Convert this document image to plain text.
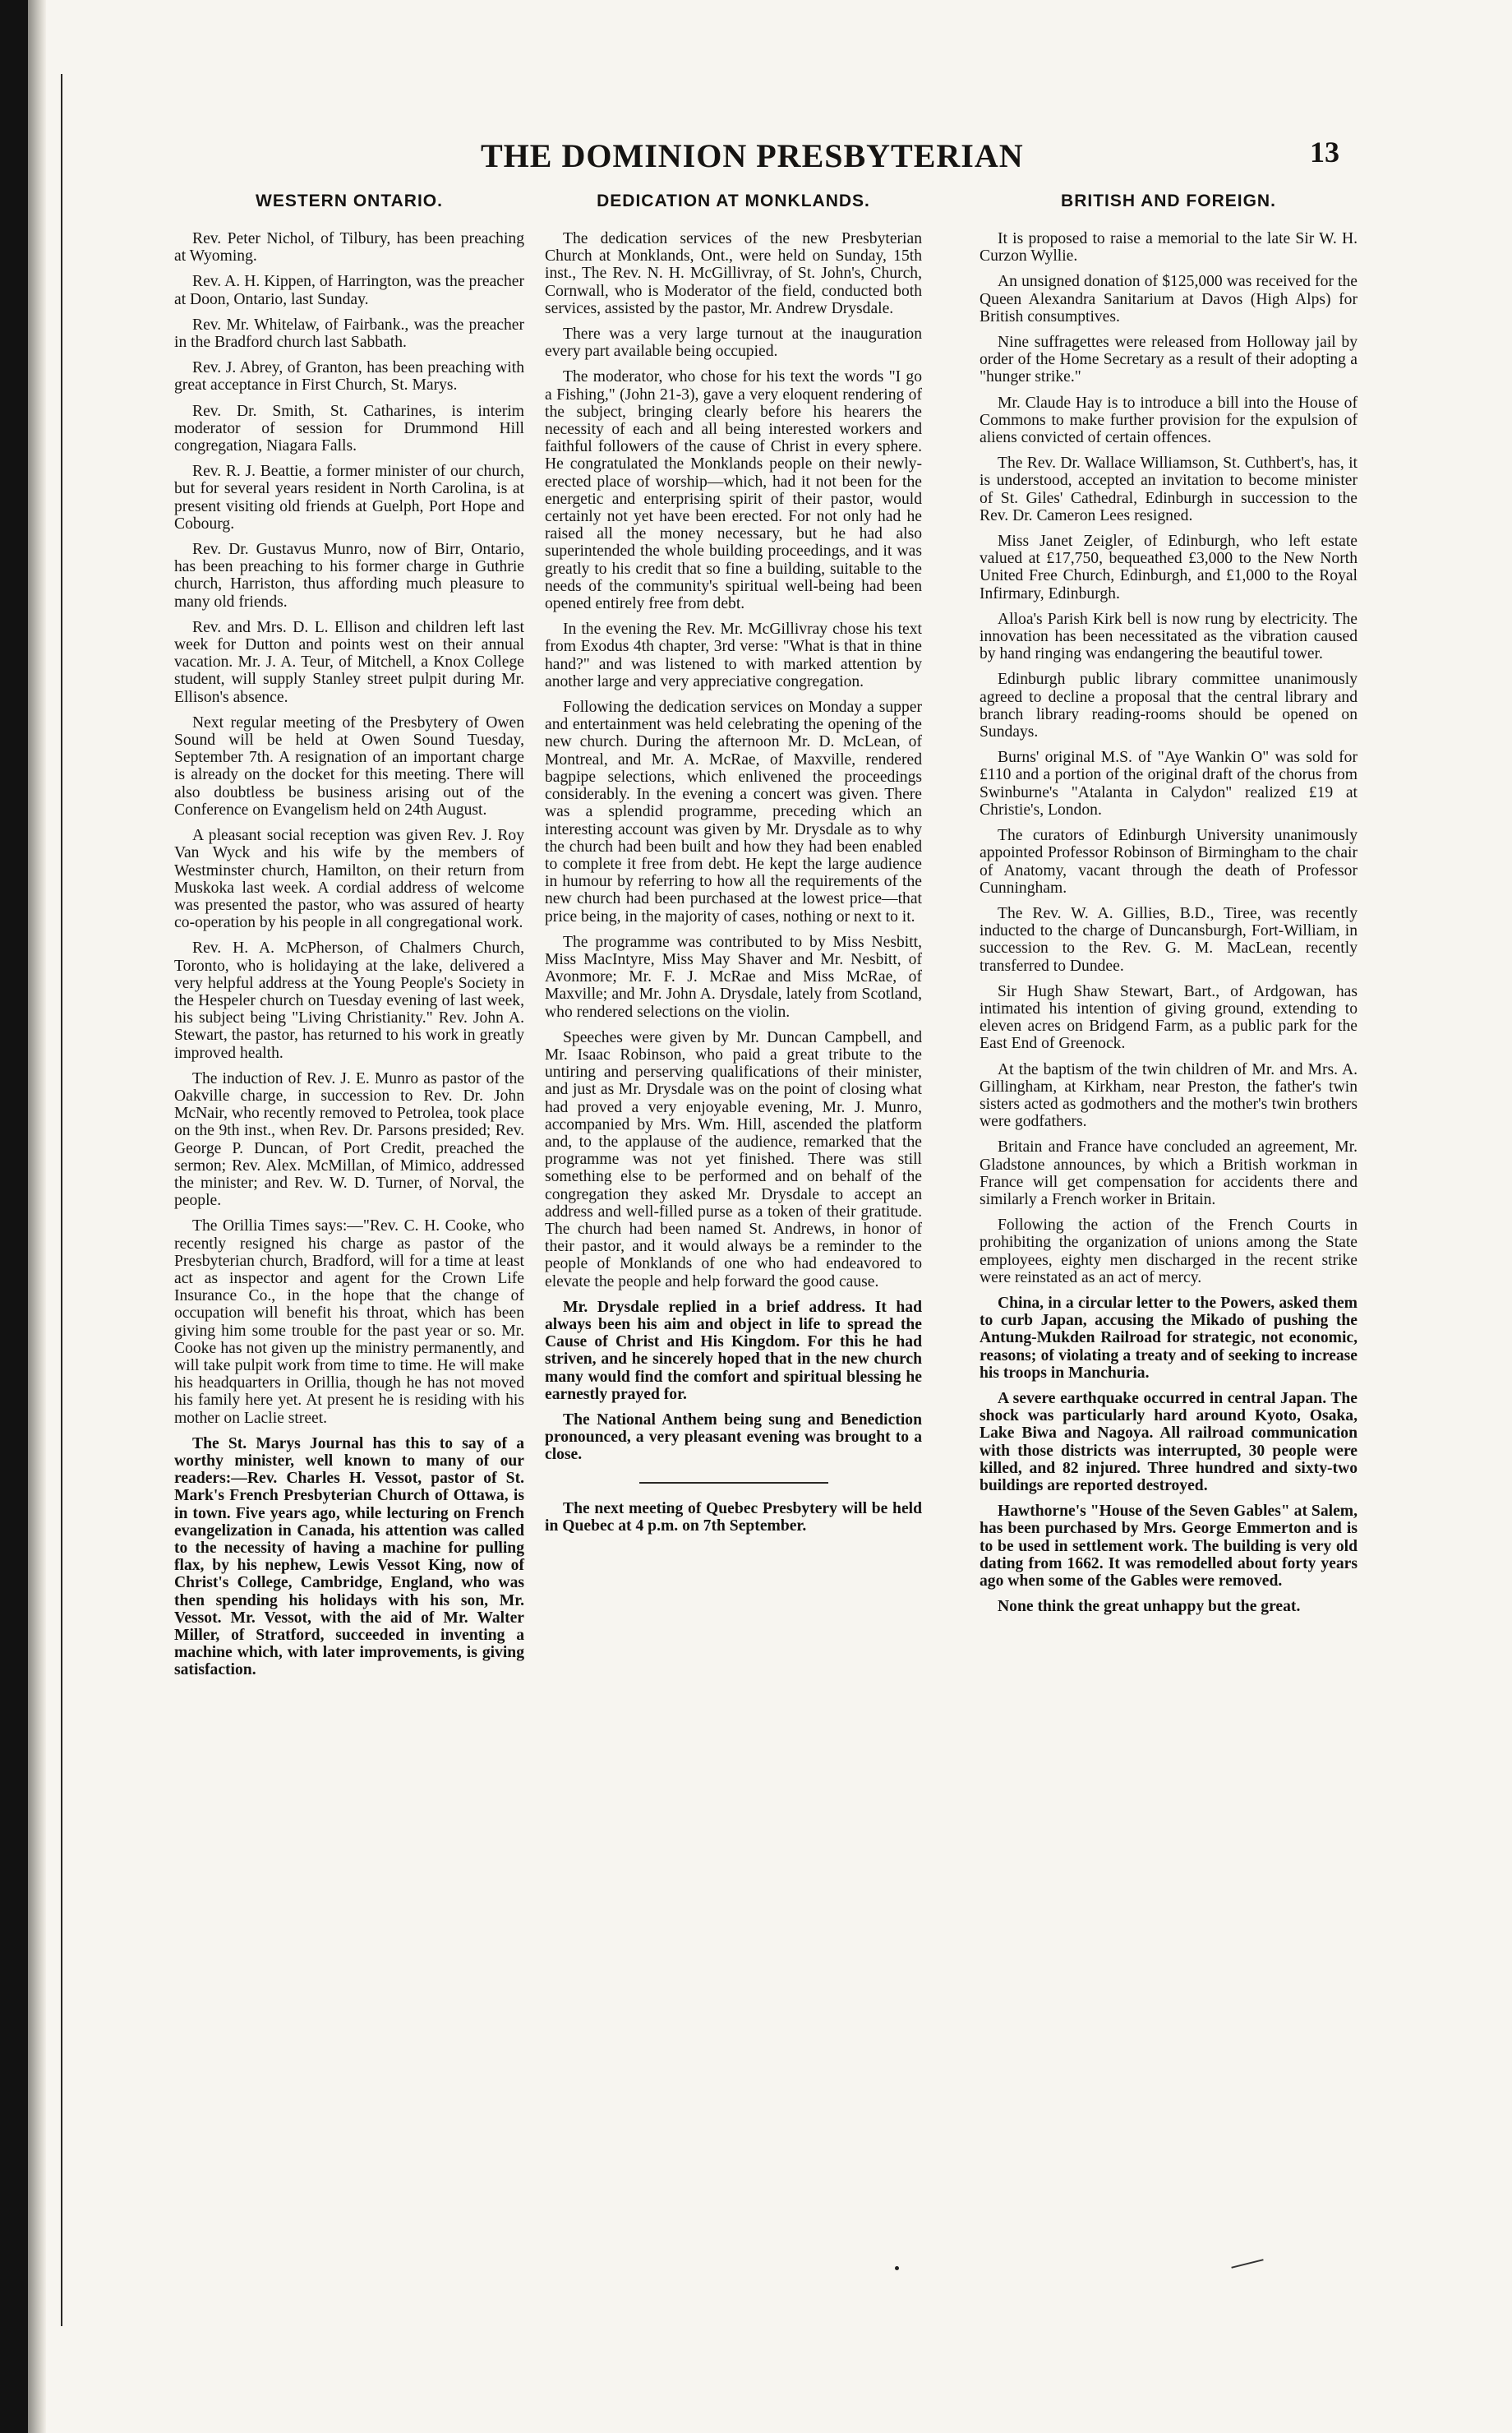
THE DOMINION PRESBYTERIAN	13
WESTERN ONTARIO.

Rev. Peter Nichol, of Tilbury, has been preaching at Wyoming.

Rev. A. H. Kippen, of Harrington, was the preacher at Doon, Ontario, last Sunday.

Rev. Mr. Whitelaw, of Fairbank., was the preacher in the Bradford church last Sabbath.

Rev. J. Abrey, of Granton, has been preaching with great acceptance in First Church, St. Marys.

Rev. Dr. Smith, St. Catharines, is interim moderator of session for Drummond Hill congregation, Niagara Falls.

Rev. R. J. Beattie, a former minister of our church, but for several years resident in North Carolina, is at present visiting old friends at Guelph, Port Hope and Cobourg.

Rev. Dr. Gustavus Munro, now of Birr, Ontario, has been preaching to his former charge in Guthrie church, Harriston, thus affording much pleasure to many old friends.

Rev. and Mrs. D. L. Ellison and children left last week for Dutton and points west on their annual vacation. Mr. J. A. Teur, of Mitchell, a Knox College student, will supply Stanley street pulpit during Mr. Ellison's absence.

Next regular meeting of the Presbytery of Owen Sound will be held at Owen Sound Tuesday, September 7th. A resignation of an important charge is already on the docket for this meeting. There will also doubtless be business arising out of the Conference on Evangelism held on 24th August.

A pleasant social reception was given Rev. J. Roy Van Wyck and his wife by the members of Westminster church, Hamilton, on their return from Muskoka last week. A cordial address of welcome was presented the pastor, who was assured of hearty co-operation by his people in all congregational work.

Rev. H. A. McPherson, of Chalmers Church, Toronto, who is holidaying at the lake, delivered a very helpful address at the Young People's Society in the Hespeler church on Tuesday evening of last week, his subject being "Living Christianity." Rev. John A. Stewart, the pastor, has returned to his work in greatly improved health.

The induction of Rev. J. E. Munro as pastor of the Oakville charge, in succession to Rev. Dr. John McNair, who recently removed to Petrolea, took place on the 9th inst., when Rev. Dr. Parsons presided; Rev. George P. Duncan, of Port Credit, preached the sermon; Rev. Alex. McMillan, of Mimico, addressed the minister; and Rev. W. D. Turner, of Norval, the people.

The Orillia Times says:—"Rev. C. H. Cooke, who recently resigned his charge as pastor of the Presbyterian church, Bradford, will for a time at least act as inspector and agent for the Crown Life Insurance Co., in the hope that the change of occupation will benefit his throat, which has been giving him some trouble for the past year or so. Mr. Cooke has not given up the ministry permanently, and will take pulpit work from time to time. He will make his headquarters in Orillia, though he has not moved his family here yet. At present he is residing with his mother on Laclie street.

The St. Marys Journal has this to say of a worthy minister, well known to many of our readers:—Rev. Charles H. Vessot, pastor of St. Mark's French Presbyterian Church of Ottawa, is in town. Five years ago, while lecturing on French evangelization in Canada, his attention was called to the necessity of having a machine for pulling flax, by his nephew, Lewis Vessot King, now of Christ's College, Cambridge, England, who was then spending his holidays with his son, Mr. Vessot. Mr. Vessot, with the aid of Mr. Walter Miller, of Stratford, succeeded in inventing a machine which, with later improvements, is giving satisfaction.

DEDICATION AT MONKLANDS.

The dedication services of the new Presbyterian Church at Monklands, Ont., were held on Sunday, 15th inst., The Rev. N. H. McGillivray, of St. John's, Church, Cornwall, who is Moderator of the field, conducted both services, assisted by the pastor, Mr. Andrew Drysdale.

There was a very large turnout at the inauguration every part available being occupied.

The moderator, who chose for his text the words "I go a Fishing," (John 21-3), gave a very eloquent rendering of the subject, bringing clearly before his hearers the necessity of each and all being interested workers and faithful followers of the cause of Christ in every sphere. He congratulated the Monklands people on their newly-erected place of worship—which, had it not been for the energetic and enterprising spirit of their pastor, would certainly not yet have been erected. For not only had he raised all the money necessary, but he had also superintended the whole building proceedings, and it was greatly to his credit that so fine a building, suitable to the needs of the community's spiritual well-being had been opened entirely free from debt.

In the evening the Rev. Mr. McGillivray chose his text from Exodus 4th chapter, 3rd verse: "What is that in thine hand?" and was listened to with marked attention by another large and very appreciative congregation.

Following the dedication services on Monday a supper and entertainment was held celebrating the opening of the new church. During the afternoon Mr. D. McLean, of Montreal, and Mr. A. McRae, of Maxville, rendered bagpipe selections, which enlivened the proceedings considerably. In the evening a concert was given. There was a splendid programme, preceding which an interesting account was given by Mr. Drysdale as to why the church had been built and how they had been enabled to complete it free from debt. He kept the large audience in humour by referring to how all the requirements of the new church had been purchased at the lowest price—that price being, in the majority of cases, nothing or next to it.

The programme was contributed to by Miss Nesbitt, Miss MacIntyre, Miss May Shaver and Mr. Nesbitt, of Avonmore; Mr. F. J. McRae and Miss McRae, of Maxville; and Mr. John A. Drysdale, lately from Scotland, who rendered selections on the violin.

Speeches were given by Mr. Duncan Campbell, and Mr. Isaac Robinson, who paid a great tribute to the untiring and perserving qualifications of their minister, and just as Mr. Drysdale was on the point of closing what had proved a very enjoyable evening, Mr. J. Munro, accompanied by Mrs. Wm. Hill, ascended the platform and, to the applause of the audience, remarked that the programme was not yet finished. There was still something else to be performed and on behalf of the congregation they asked Mr. Drysdale to accept an address and well-filled purse as a token of their gratitude. The church had been named St. Andrews, in honor of their pastor, and it would always be a reminder to the people of Monklands of one who had endeavored to elevate the people and help forward the good cause.

Mr. Drysdale replied in a brief address. It had always been his aim and object in life to spread the Cause of Christ and His Kingdom. For this he had striven, and he sincerely hoped that in the new church many would find the comfort and spiritual blessing he earnestly prayed for.

The National Anthem being sung and Benediction pronounced, a very pleasant evening was brought to a close.

The next meeting of Quebec Presbytery will be held in Quebec at 4 p.m. on 7th September.

BRITISH AND FOREIGN.

It is proposed to raise a memorial to the late Sir W. H. Curzon Wyllie.

An unsigned donation of $125,000 was received for the Queen Alexandra Sanitarium at Davos (High Alps) for British consumptives.

Nine suffragettes were released from Holloway jail by order of the Home Secretary as a result of their adopting a "hunger strike."

Mr. Claude Hay is to introduce a bill into the House of Commons to make further provision for the expulsion of aliens convicted of certain offences.

The Rev. Dr. Wallace Williamson, St. Cuthbert's, has, it is understood, accepted an invitation to become minister of St. Giles' Cathedral, Edinburgh in succession to the Rev. Dr. Cameron Lees resigned.

Miss Janet Zeigler, of Edinburgh, who left estate valued at £17,750, bequeathed £3,000 to the New North United Free Church, Edinburgh, and £1,000 to the Royal Infirmary, Edinburgh.

Alloa's Parish Kirk bell is now rung by electricity. The innovation has been necessitated as the vibration caused by hand ringing was endangering the beautiful tower.

Edinburgh public library committee unanimously agreed to decline a proposal that the central library and branch library reading-rooms should be opened on Sundays.

Burns' original M.S. of "Aye Wankin O" was sold for £110 and a portion of the original draft of the chorus from Swinburne's "Atalanta in Calydon" realized £19 at Christie's, London.

The curators of Edinburgh University unanimously appointed Professor Robinson of Birmingham to the chair of Anatomy, vacant through the death of Professor Cunningham.

The Rev. W. A. Gillies, B.D., Tiree, was recently inducted to the charge of Duncansburgh, Fort-William, in succession to the Rev. G. M. MacLean, recently transferred to Dundee.

Sir Hugh Shaw Stewart, Bart., of Ardgowan, has intimated his intention of giving ground, extending to eleven acres on Bridgend Farm, as a public park for the East End of Greenock.

At the baptism of the twin children of Mr. and Mrs. A. Gillingham, at Kirkham, near Preston, the father's twin sisters acted as godmothers and the mother's twin brothers were godfathers.

Britain and France have concluded an agreement, Mr. Gladstone announces, by which a British workman in France will get compensation for accidents there and similarly a French worker in Britain.

Following the action of the French Courts in prohibiting the organization of unions among the State employees, eighty men discharged in the recent strike were reinstated as an act of mercy.

China, in a circular letter to the Powers, asked them to curb Japan, accusing the Mikado of pushing the Antung-Mukden Railroad for strategic, not economic, reasons; of violating a treaty and of seeking to increase his troops in Manchuria.

A severe earthquake occurred in central Japan. The shock was particularly hard around Kyoto, Osaka, Lake Biwa and Nagoya. All railroad communication with those districts was interrupted, 30 people were killed, and 82 injured. Three hundred and sixty-two buildings are reported destroyed.

Hawthorne's "House of the Seven Gables" at Salem, has been purchased by Mrs. George Emmerton and is to be used in settlement work. The building is very old dating from 1662. It was remodelled about forty years ago when some of the Gables were removed.

None think the great unhappy but the great.
